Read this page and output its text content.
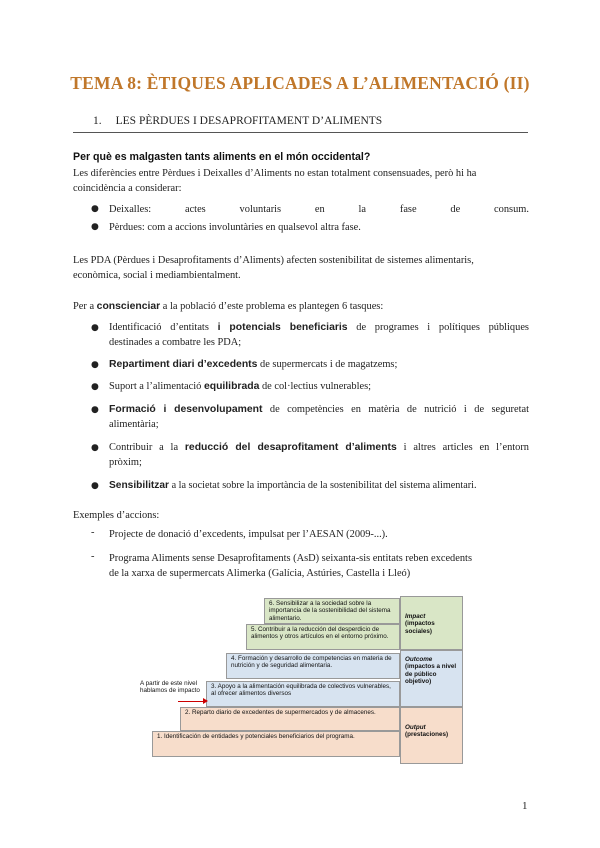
TEMA 8: ÈTIQUES APLICADES A L’ALIMENTACIÓ (II)
1. LES PÈRDUES I DESAPROFITAMENT D’ALIMENTS
Per què es malgasten tants aliments en el món occidental?
Les diferències entre Pèrdues i Deixalles d’Aliments no estan totalment consensuades, però hi ha
coincidència a considerar:
● Deixalles:	actes	voluntaris	en	la	fase	de	consum.
● Pèrdues: com a accions involuntàries en qualsevol altra fase.
Les PDA (Pèrdues i Desaprofitaments d’Aliments) afecten sostenibilitat de sistemes alimentaris,
econòmica, social i mediambientalment.
Per a conscienciar a la població d’este problema es plantegen 6 tasques:
● Identificació d’entitats i potencials beneficiaris de programes i polítiques públiques
destinades a combatre les PDA;
● Repartiment diari d’excedents de supermercats i de magatzems;
● Suport a l’alimentació equilibrada de col·lectius vulnerables;
● Formació i desenvolupament de competències en matèria de nutrició i de seguretat
alimentària;
● Contribuir a la reducció del desaprofitament d’aliments i altres articles en l’entorn
pròxim;
● Sensibilitzar a la societat sobre la importància de la sostenibilitat del sistema alimentari.
Exemples d’accions:
- Projecte de donació d’excedents, impulsat per l’AESAN (2009-...).
- Programa Aliments sense Desaprofitaments (AsD) seixanta-sis entitats reben excedents
de la xarxa de supermercats Alimerka (Galícia, Astúries, Castella i Lleó)
Impact
(impactos sociales)
Outcome
(impactos a nivel de público objetivo)
Output
(prestaciones)
6. Sensibilizar a la sociedad sobre la importancia de la sostenibilidad del sistema alimentario.
5. Contribuir a la reducción del desperdicio de alimentos y otros artículos en el entorno próximo.
4. Formación y desarrollo de competencias en materia de nutrición y de seguridad alimentaria.
3. Apoyo a la alimentación equilibrada de colectivos vulnerables, al ofrecer alimentos diversos
2. Reparto diario de excedentes de supermercados y de almacenes.
1. Identificación de entidades y potenciales beneficiarios del programa.
A partir de este nivel hablamos de impacto
1
